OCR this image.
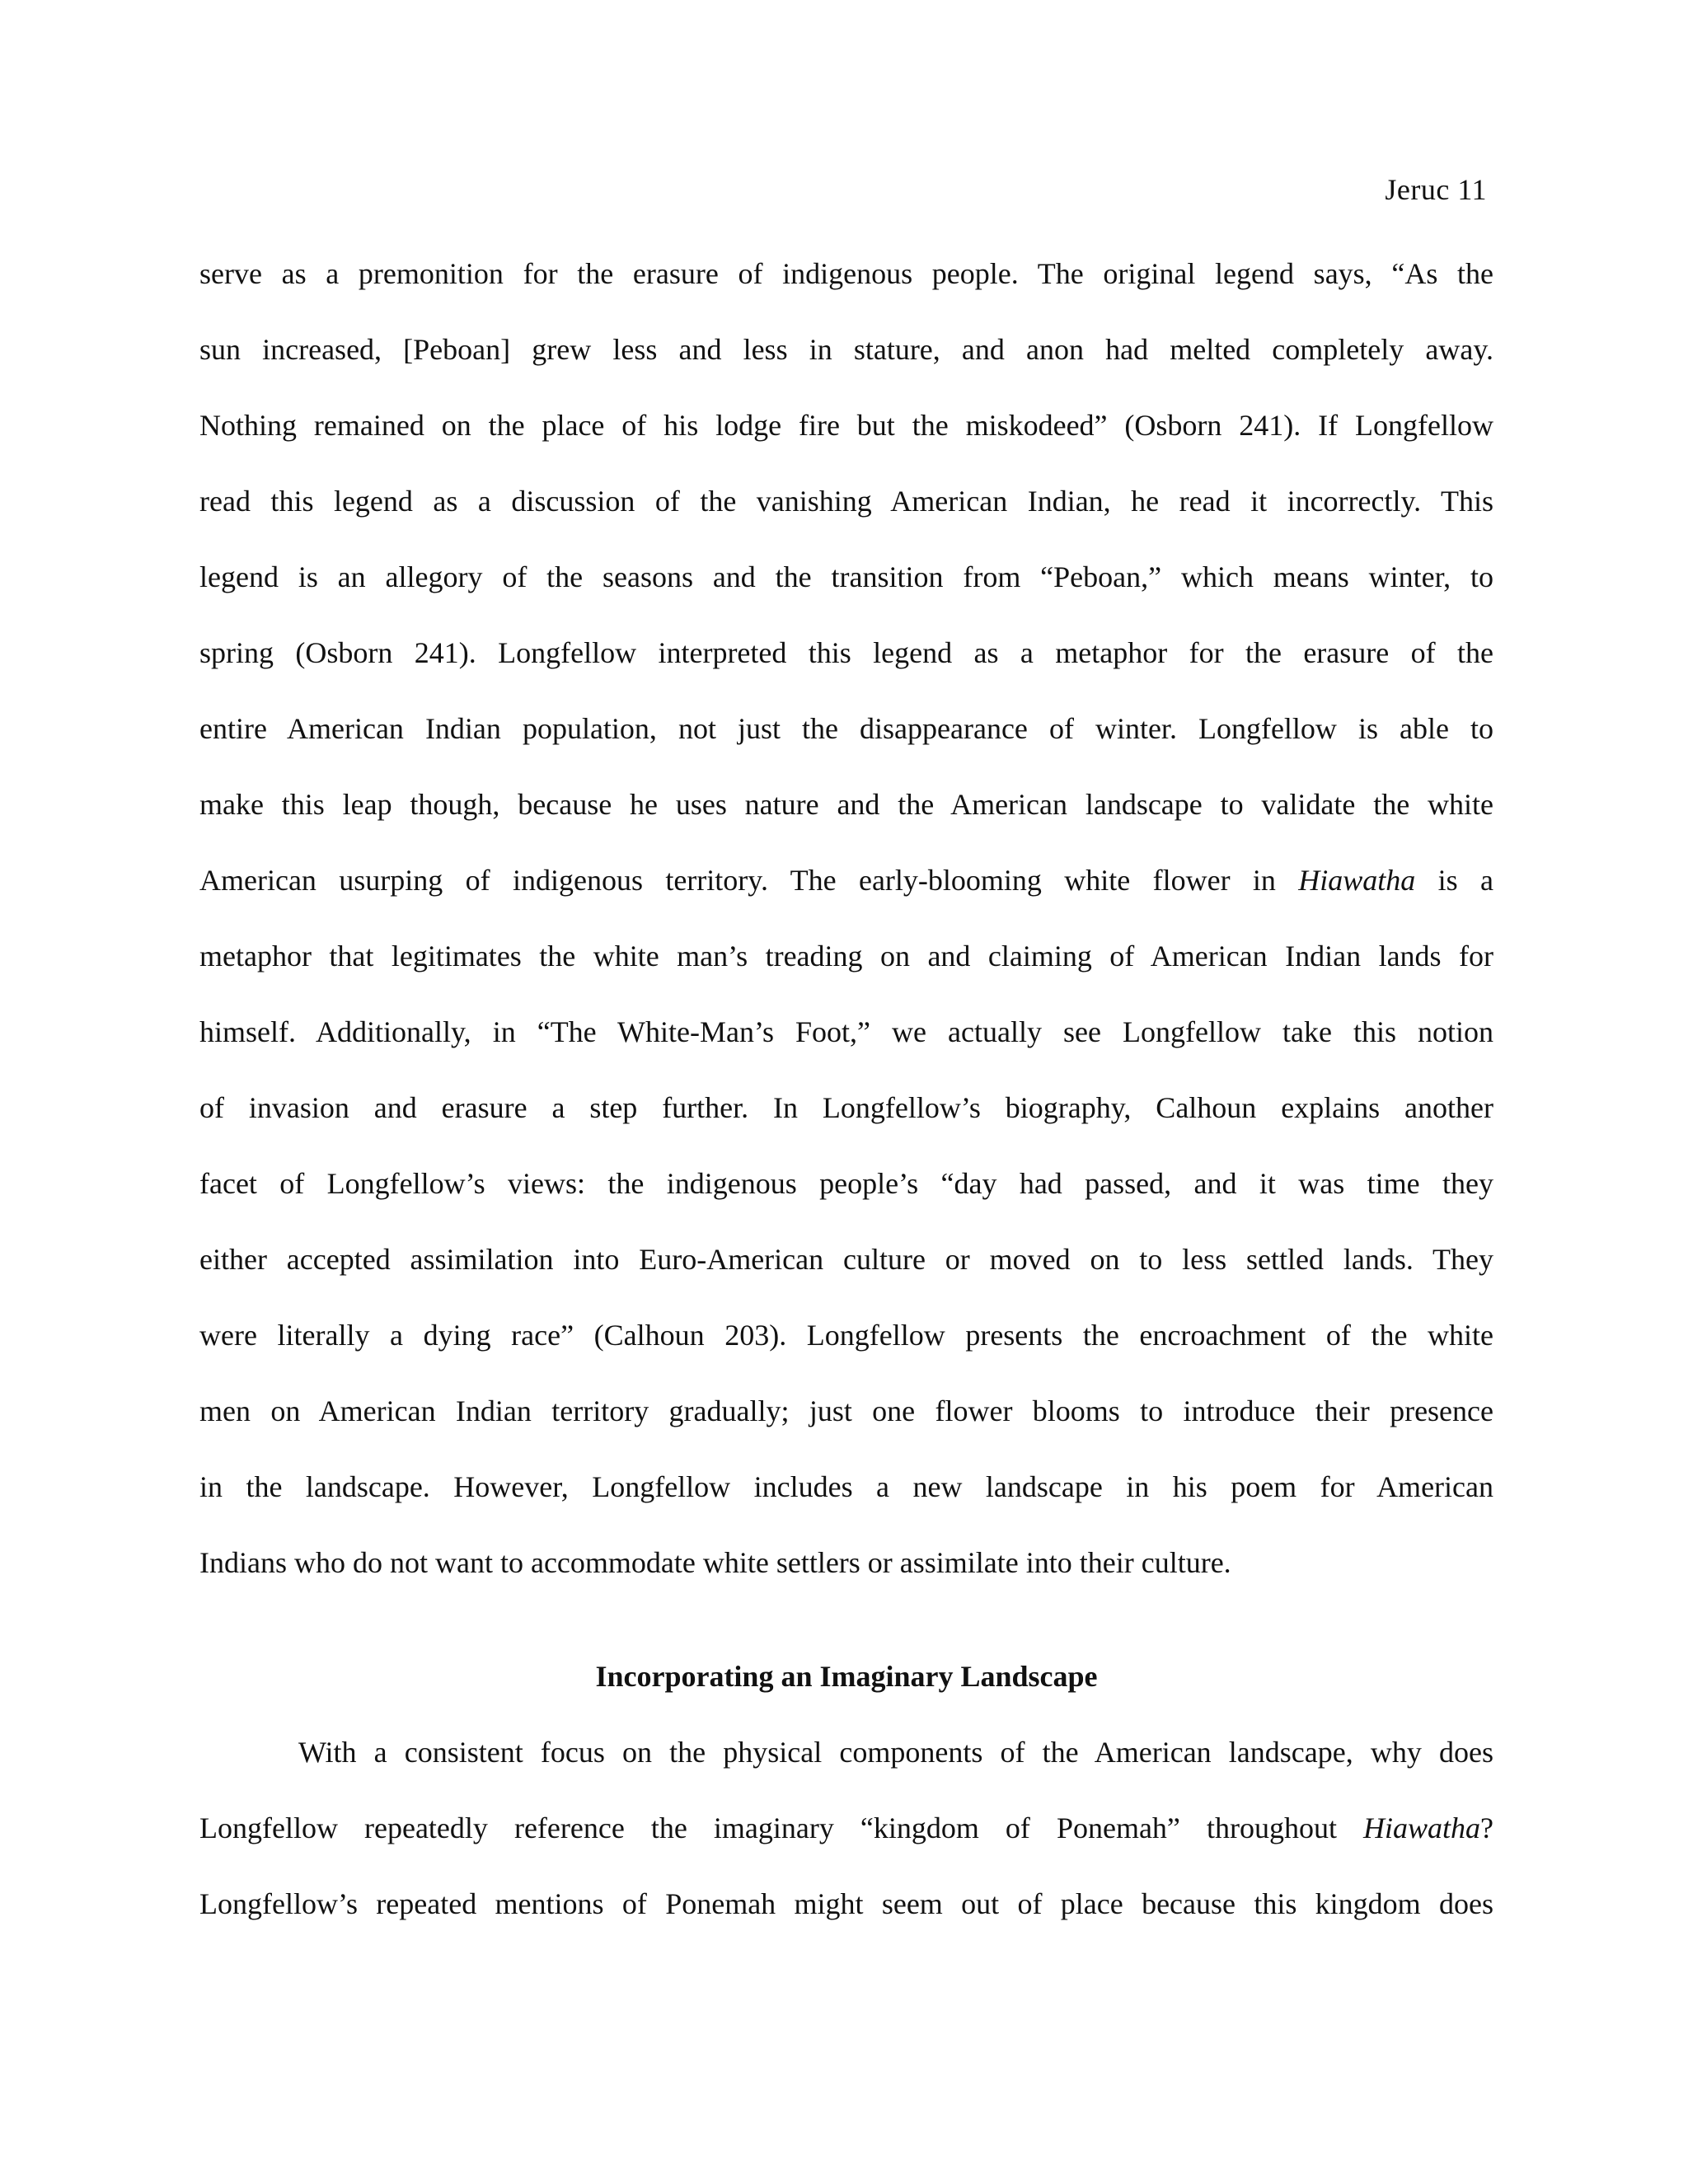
Jeruc 11
serve as a premonition for the erasure of indigenous people. The original legend says, “As the
sun increased, [Peboan] grew less and less in stature, and anon had melted completely away.
Nothing remained on the place of his lodge fire but the miskodeed” (Osborn 241). If Longfellow
read this legend as a discussion of the vanishing American Indian, he read it incorrectly. This
legend is an allegory of the seasons and the transition from “Peboan,” which means winter, to
spring (Osborn 241). Longfellow interpreted this legend as a metaphor for the erasure of the
entire American Indian population, not just the disappearance of winter. Longfellow is able to
make this leap though, because he uses nature and the American landscape to validate the white
American usurping of indigenous territory. The early-blooming white flower in Hiawatha is a
metaphor that legitimates the white man’s treading on and claiming of American Indian lands for
himself. Additionally, in “The White-Man’s Foot,” we actually see Longfellow take this notion
of invasion and erasure a step further. In Longfellow’s biography, Calhoun explains another
facet of Longfellow’s views: the indigenous people’s “day had passed, and it was time they
either accepted assimilation into Euro-American culture or moved on to less settled lands. They
were literally a dying race” (Calhoun 203). Longfellow presents the encroachment of the white
men on American Indian territory gradually; just one flower blooms to introduce their presence
in the landscape. However, Longfellow includes a new landscape in his poem for American
Indians who do not want to accommodate white settlers or assimilate into their culture.
Incorporating an Imaginary Landscape
With a consistent focus on the physical components of the American landscape, why does
Longfellow repeatedly reference the imaginary “kingdom of Ponemah” throughout Hiawatha?
Longfellow’s repeated mentions of Ponemah might seem out of place because this kingdom does
